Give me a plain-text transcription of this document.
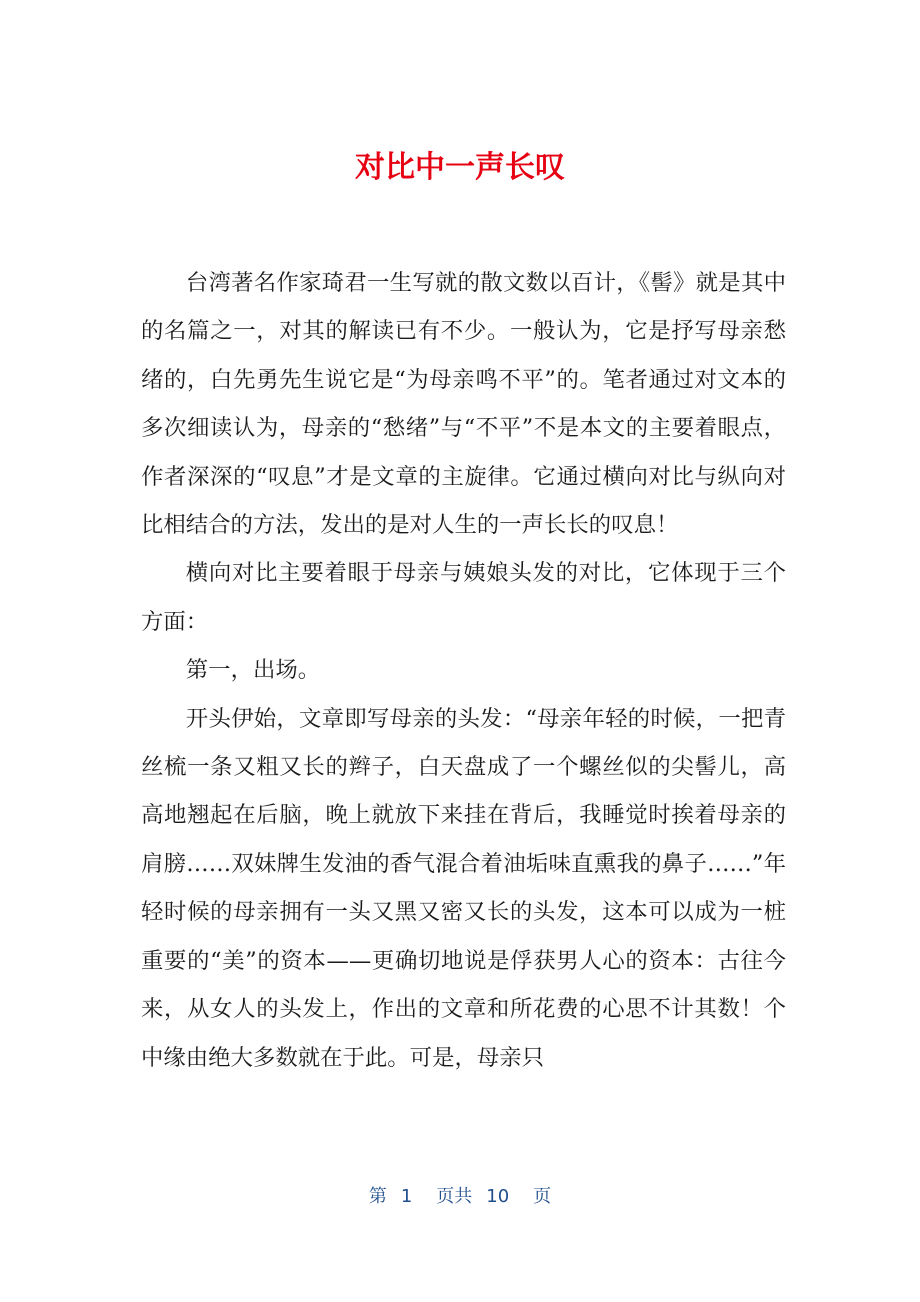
对比中一声长叹

台湾著名作家琦君一生写就的散文数以百计，《髻》就是其中的名篇之一，对其的解读已有不少。一般认为，它是抒写母亲愁绪的，白先勇先生说它是“为母亲鸣不平”的。笔者通过对文本的多次细读认为，母亲的“愁绪”与“不平”不是本文的主要着眼点，作者深深的“叹息”才是文章的主旋律。它通过横向对比与纵向对比相结合的方法，发出的是对人生的一声长长的叹息！

横向对比主要着眼于母亲与姨娘头发的对比，它体现于三个方面：

第一，出场。

开头伊始，文章即写母亲的头发：“母亲年轻的时候，一把青丝梳一条又粗又长的辫子，白天盘成了一个螺丝似的尖髻儿，高高地翘起在后脑，晚上就放下来挂在背后，我睡觉时挨着母亲的肩膀……双妹牌生发油的香气混合着油垢味直熏我的鼻子……”年轻时候的母亲拥有一头又黑又密又长的头发，这本可以成为一桩重要的“美”的资本——更确切地说是俘获男人心的资本：古往今来，从女人的头发上，作出的文章和所花费的心思不计其数！个中缘由绝大多数就在于此。可是，母亲只

第 1 页共 10 页
